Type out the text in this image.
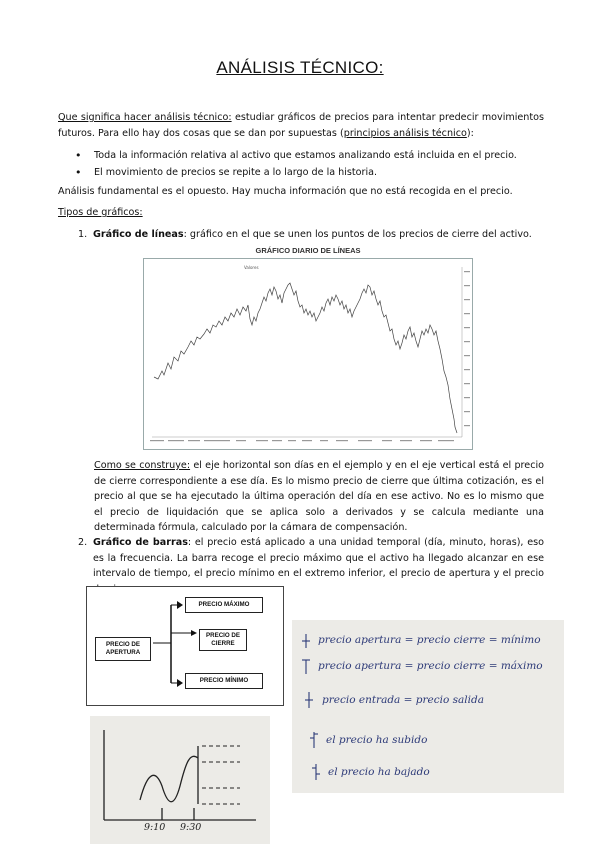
ANÁLISIS TÉCNICO:
Que significa hacer análisis técnico: estudiar gráficos de precios para intentar predecir movimientos futuros. Para ello hay dos cosas que se dan por supuestas (principios análisis técnico):
• Toda la información relativa al activo que estamos analizando está incluida en el precio.
• El movimiento de precios se repite a lo largo de la historia.
Análisis fundamental es el opuesto. Hay mucha información que no está recogida en el precio.
Tipos de gráficos:
1. Gráfico de líneas: gráfico en el que se unen los puntos de los precios de cierre del activo.
GRÁFICO DIARIO DE LÍNEAS
Valores
Como se construye: el eje horizontal son días en el ejemplo y en el eje vertical está el precio de cierre correspondiente a ese día. Es lo mismo precio de cierre que última cotización, es el precio al que se ha ejecutado la última operación del día en ese activo. No es lo mismo que el precio de liquidación que se aplica solo a derivados y se calcula mediante una determinada fórmula, calculado por la cámara de compensación.
2. Gráfico de barras: el precio está aplicado a una unidad temporal (día, minuto, horas), eso es la frecuencia. La barra recoge el precio máximo que el activo ha llegado alcanzar en ese intervalo de tiempo, el precio mínimo en el extremo inferior, el precio de apertura y el precio
PRECIO DE APERTURA
PRECIO MÁXIMO
PRECIO DE CIERRE
PRECIO MÍNIMO
precio apertura = precio cierre = mínimo
precio apertura = precio cierre = máximo
precio entrada = precio salida
el precio ha subido
el precio ha bajado
9:10 9:30
